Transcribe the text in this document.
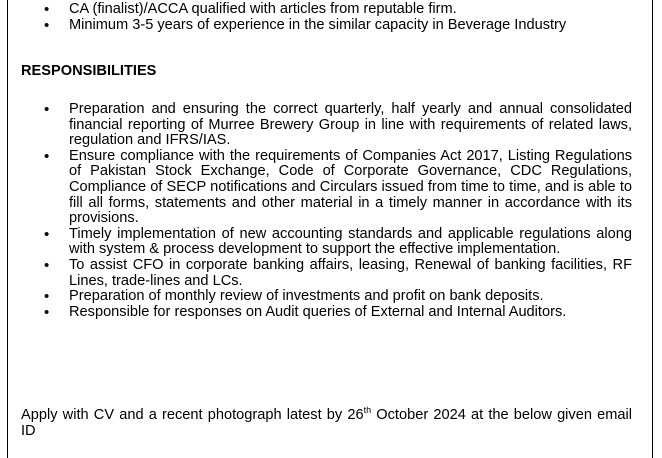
• CA (finalist)/ACCA qualified with articles from reputable firm.
• Minimum 3-5 years of experience in the similar capacity in Beverage Industry
RESPONSIBILITIES
• Preparation and ensuring the correct quarterly, half yearly and annual consolidated financial reporting of Murree Brewery Group in line with requirements of related laws, regulation and IFRS/IAS.
• Ensure compliance with the requirements of Companies Act 2017, Listing Regulations of Pakistan Stock Exchange, Code of Corporate Governance, CDC Regulations, Compliance of SECP notifications and Circulars issued from time to time, and is able to fill all forms, statements and other material in a timely manner in accordance with its provisions.
• Timely implementation of new accounting standards and applicable regulations along with system & process development to support the effective implementation.
• To assist CFO in corporate banking affairs, leasing, Renewal of banking facilities, RF Lines, trade-lines and LCs.
• Preparation of monthly review of investments and profit on bank deposits.
• Responsible for responses on Audit queries of External and Internal Auditors.

Apply with CV and a recent photograph latest by 26th October 2024 at the below given email ID
